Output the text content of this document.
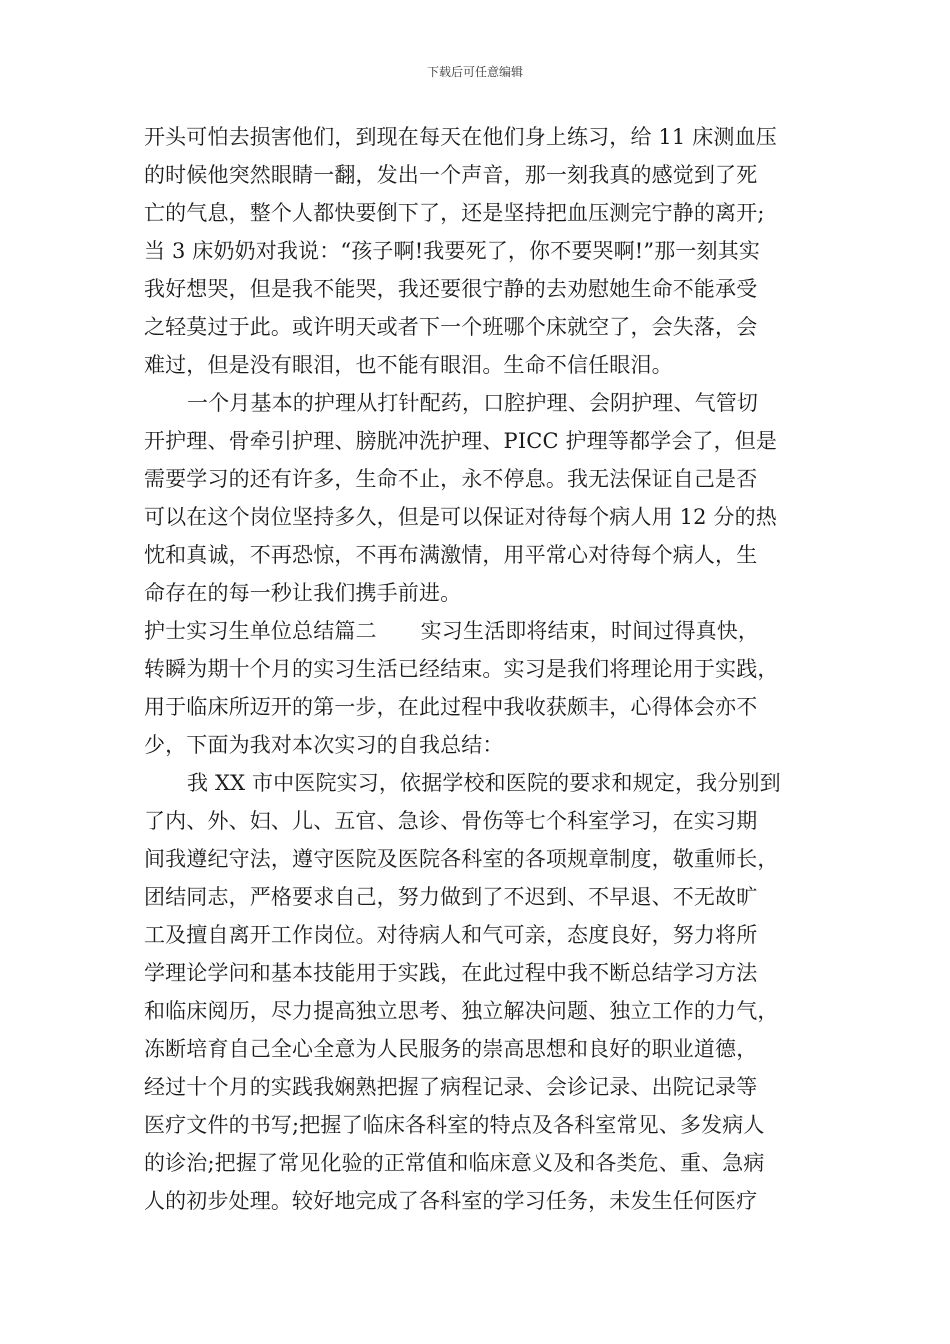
下载后可任意编辑
开头可怕去损害他们，到现在每天在他们身上练习，给 11 床测血压
的时候他突然眼睛一翻，发出一个声音，那一刻我真的感觉到了死
亡的气息，整个人都快要倒下了，还是坚持把血压测完宁静的离开;
当 3 床奶奶对我说：“孩子啊!我要死了，你不要哭啊!”那一刻其实
我好想哭，但是我不能哭，我还要很宁静的去劝慰她生命不能承受
之轻莫过于此。或许明天或者下一个班哪个床就空了，会失落，会
难过，但是没有眼泪，也不能有眼泪。生命不信任眼泪。
一个月基本的护理从打针配药，口腔护理、会阴护理、气管切
开护理、骨牵引护理、膀胱冲洗护理、PICC 护理等都学会了，但是
需要学习的还有许多，生命不止，永不停息。我无法保证自己是否
可以在这个岗位坚持多久，但是可以保证对待每个病人用 12 分的热
忱和真诚，不再恐惊，不再布满激情，用平常心对待每个病人，生
命存在的每一秒让我们携手前进。
护士实习生单位总结篇二 实习生活即将结束，时间过得真快，
转瞬为期十个月的实习生活已经结束。实习是我们将理论用于实践，
用于临床所迈开的第一步，在此过程中我收获颇丰，心得体会亦不
少，下面为我对本次实习的自我总结：
我 XX 市中医院实习，依据学校和医院的要求和规定，我分别到
了内、外、妇、儿、五官、急诊、骨伤等七个科室学习，在实习期
间我遵纪守法，遵守医院及医院各科室的各项规章制度，敬重师长，
团结同志，严格要求自己，努力做到了不迟到、不早退、不无故旷
工及擅自离开工作岗位。对待病人和气可亲，态度良好，努力将所
学理论学问和基本技能用于实践，在此过程中我不断总结学习方法
和临床阅历，尽力提高独立思考、独立解决问题、独立工作的力气，
冻断培育自己全心全意为人民服务的崇高思想和良好的职业道德，
经过十个月的实践我娴熟把握了病程记录、会诊记录、出院记录等
医疗文件的书写;把握了临床各科室的特点及各科室常见、多发病人
的诊治;把握了常见化验的正常值和临床意义及和各类危、重、急病
人的初步处理。较好地完成了各科室的学习任务，未发生任何医疗
